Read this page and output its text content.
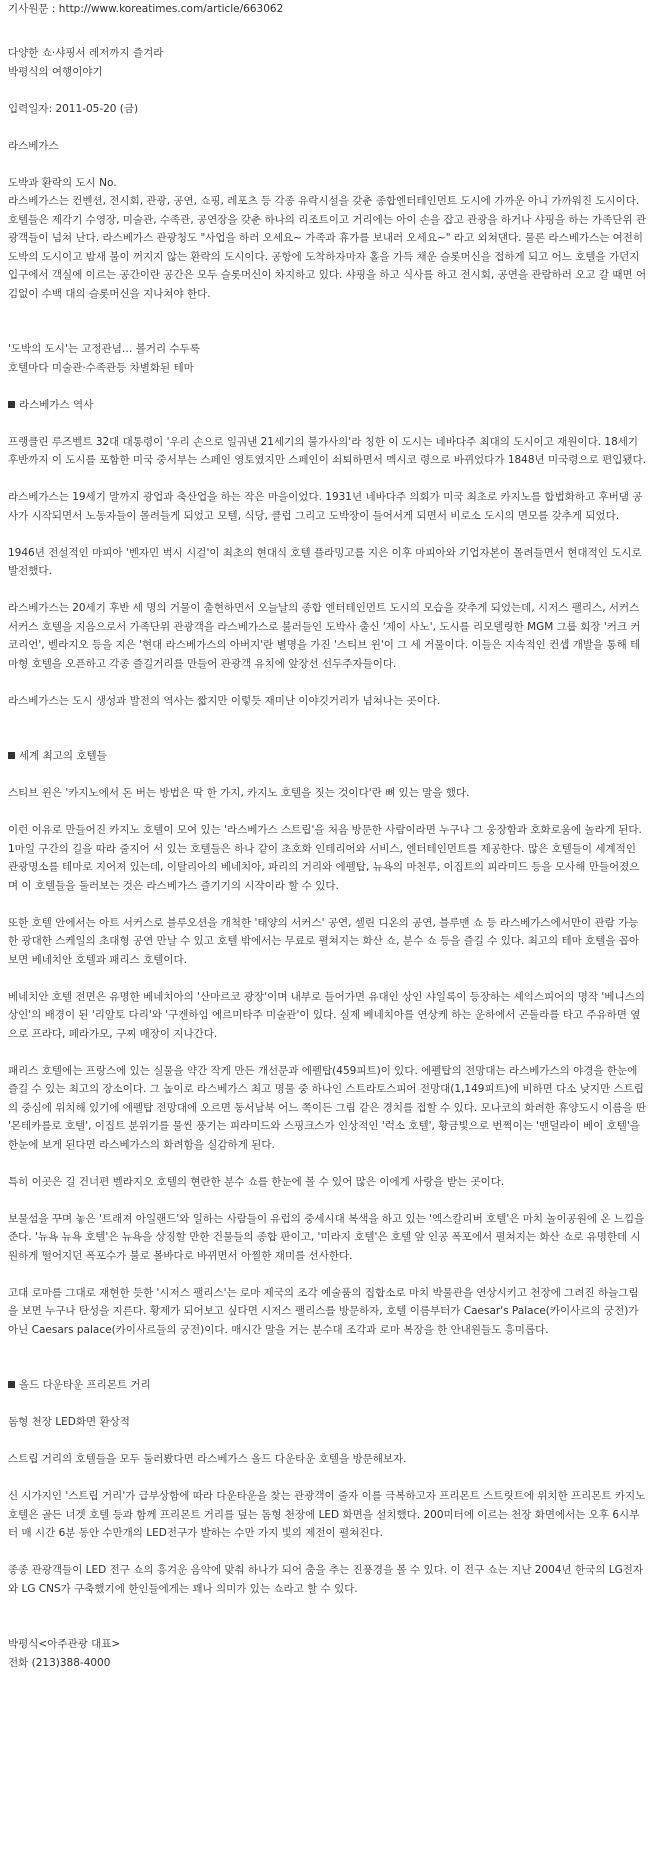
기사원문 : http://www.koreatimes.com/article/663062

다양한 쇼·샤핑서 레저까지 즐겨라

박평식의 여행이야기

입력일자: 2011-05-20 (금)

라스베가스

도박과 환락의 도시 No.

라스베가스는 컨벤션, 전시회, 관광, 공연, 쇼핑, 레포츠 등 각종 유락시설을 갖춘 종합엔터테인먼트 도시에 가까운 아니 가까워진 도시이다. 호텔들은 제각기 수영장, 미술관, 수족관, 공연장을 갖춘 하나의 리조트이고 거리에는 아이 손을 잡고 관광을 하거나 샤핑을 하는 가족단위 관광객들이 넘쳐 난다. 라스베가스 관광청도 "사업을 하러 오세요~ 가족과 휴가를 보내러 오세요~" 라고 외쳐댄다. 물론 라스베가스는 여전히 도박의 도시이고 밤새 불이 꺼지지 않는 환락의 도시이다. 공항에 도착하자마자 홀을 가득 채운 슬롯머신을 접하게 되고 어느 호텔을 가던지 입구에서 객실에 이르는 공간이란 공간은 모두 슬롯머신이 차지하고 있다. 샤핑을 하고 식사를 하고 전시회, 공연을 관람하러 오고 갈 때면 어김없이 수백 대의 슬롯머신을 지나쳐야 한다.

'도박의 도시'는 고정관념… 볼거리 수두룩

호텔마다 미술관·수족관등 차별화된 테마

라스베가스 역사

프랭클린 루즈벨트 32대 대통령이 '우리 손으로 일궈낸 21세기의 불가사의'라 칭한 이 도시는 네바다주 최대의 도시이고 재원이다. 18세기 후반까지 이 도시를 포함한 미국 중서부는 스페인 영토였지만 스페인이 쇠퇴하면서 멕시코 령으로 바뀌었다가 1848년 미국령으로 편입됐다.

라스베가스는 19세기 말까지 광업과 축산업을 하는 작은 마을이었다. 1931년 네바다주 의회가 미국 최초로 카지노를 합법화하고 후버댐 공사가 시작되면서 노동자들이 몰려들게 되었고 모텔, 식당, 클럽 그리고 도박장이 들어서게 되면서 비로소 도시의 면모를 갖추게 되었다.

1946년 전설적인 마피아 '벤자민 벅시 시걸'이 최초의 현대식 호텔 플라밍고를 지은 이후 마피아와 기업자본이 몰려들면서 현대적인 도시로 발전했다.

라스베가스는 20세기 후반 세 명의 거물이 출현하면서 오늘날의 종합 엔터테인먼트 도시의 모습을 갖추게 되었는데, 시저스 팰리스, 서커스서커스 호텔을 지음으로서 가족단위 관광객을 라스베가스로 불러들인 도박사 출신 '제이 사노', 도시를 리모델링한 MGM 그룹 회장 '커크 커코리언', 벨라지오 등을 지은 '현대 라스베가스의 아버지'란 별명을 가진 '스티브 윈'이 그 세 거물이다. 이들은 지속적인 컨셉 개발을 통해 테마형 호텔을 오픈하고 각종 즐길거리를 만들어 관광객 유치에 앞장선 선두주자들이다.

라스베가스는 도시 생성과 발전의 역사는 짧지만 이렇듯 재미난 이야깃거리가 넘쳐나는 곳이다.

세계 최고의 호텔들

스티브 윈은 '카지노에서 돈 버는 방법은 딱 한 가지, 카지노 호텔을 짓는 것이다'란 뼈 있는 말을 했다.

이런 이유로 만들어진 카지노 호텔이 모여 있는 '라스베가스 스트립'을 처음 방문한 사람이라면 누구나 그 웅장함과 호화로움에 놀라게 된다. 1마일 구간의 길을 따라 줄지어 서 있는 호텔들은 하나 같이 초호화 인테리어와 서비스, 엔터테인먼트를 제공한다. 많은 호텔들이 세계적인 관광명소를 테마로 지어져 있는데, 이탈리아의 베네치아, 파리의 거리와 에펠탑, 뉴욕의 마천루, 이집트의 피라미드 등을 모사해 만들어졌으며 이 호텔들을 둘러보는 것은 라스베가스 즐기기의 시작이라 할 수 있다.

또한 호텔 안에서는 아트 서커스로 블루오션을 개척한 '태양의 서커스' 공연, 셀린 디온의 공연, 블루맨 쇼 등 라스베가스에서만이 관람 가능한 광대한 스케일의 초대형 공연 만날 수 있고 호텔 밖에서는 무료로 펼쳐지는 화산 쇼, 분수 쇼 등을 즐길 수 있다. 최고의 테마 호텔을 꼽아보면 베네치안 호텔과 패리스 호텔이다.

베네치안 호텔 전면은 유명한 베네치아의 '산마르코 광장'이며 내부로 들어가면 유대인 상인 샤일록이 등장하는 셰익스피어의 명작 '베니스의 상인'의 배경이 된 '리알토 다리'와 '구겐하임 에르미타주 미술관'이 있다. 실제 베네치아를 연상케 하는 운하에서 곤돌라를 타고 주유하면 옆으로 프라다, 페라가모, 구찌 매장이 지나간다.

패리스 호텔에는 프랑스에 있는 실물을 약간 작게 만든 개선문과 에펠탑(459피트)이 있다. 에펠탑의 전망대는 라스베가스의 야경을 한눈에 즐길 수 있는 최고의 장소이다. 그 높이로 라스베가스 최고 명물 중 하나인 스트라토스피어 전망대(1,149피트)에 비하면 다소 낮지만 스트립의 중심에 위치해 있기에 에펠탑 전망대에 오르면 동서남북 어느 쪽이든 그림 같은 경치를 접할 수 있다. 모나코의 화려한 휴양도시 이름을 딴 '몬테카를로 호텔', 이집트 분위기를 물씬 풍기는 피라미드와 스핑크스가 인상적인 '럭소 호텔', 황금빛으로 번쩍이는 '맨덜라이 베이 호텔'을 한눈에 보게 된다면 라스베가스의 화려함을 실감하게 된다.

특히 이곳은 길 건너편 벨라지오 호텔의 현란한 분수 쇼를 한눈에 볼 수 있어 많은 이에게 사랑을 받는 곳이다.

보물섬을 꾸며 놓은 '트래져 아일랜드'와 일하는 사람들이 유럽의 중세시대 복색을 하고 있는 '엑스칼리버 호텔'은 마치 놀이공원에 온 느낌을 준다. '뉴욕 뉴욕 호텔'은 뉴욕을 상징할 만한 건물들의 종합 판이고, '미라지 호텔'은 호텔 앞 인공 폭포에서 펼쳐지는 화산 쇼로 유명한데 시원하게 떨어지던 폭포수가 불로 볼바다로 바뀌면서 아찔한 재미를 선사한다.

고대 로마를 그대로 재현한 듯한 '시저스 팰리스'는 로마 제국의 조각 예술품의 집합소로 마치 박물관을 연상시키고 천장에 그려진 하늘그림을 보면 누구나 탄성을 지른다. 황제가 되어보고 싶다면 시저스 팰리스를 방문하자, 호텔 이름부터가 Caesar's Palace(카이사르의 궁전)가 아닌 Caesars palace(카이사르들의 궁전)이다. 매시간 말을 거는 분수대 조각과 로마 복장을 한 안내원들도 흥미롭다.

올드 다운타운 프리몬트 거리

돔형 천장 LED화면 환상적

스트립 거리의 호텔들을 모두 둘러봤다면 라스베가스 올드 다운타운 호텔을 방문해보자.

신 시가지인 '스트립 거리'가 급부상함에 따라 다운타운을 찾는 관광객이 줄자 이를 극복하고자 프리몬트 스트릿트에 위치한 프리몬트 카지노 호텔은 골든 너겟 호텔 등과 함께 프리몬트 거리를 덮는 돔형 천장에 LED 화면을 설치했다. 200미터에 이르는 천장 화면에서는 오후 6시부터 매 시간 6분 동안 수만개의 LED전구가 발하는 수만 가지 빛의 제전이 펼쳐진다.

종종 관광객들이 LED 전구 쇼의 흥겨운 음악에 맞춰 하나가 되어 춤을 추는 진풍경을 볼 수 있다. 이 전구 쇼는 지난 2004년 한국의 LG전자와 LG CNS가 구축했기에 한인들에게는 꽤나 의미가 있는 쇼라고 할 수 있다.

박평식<아주관광 대표>

전화 (213)388-4000
